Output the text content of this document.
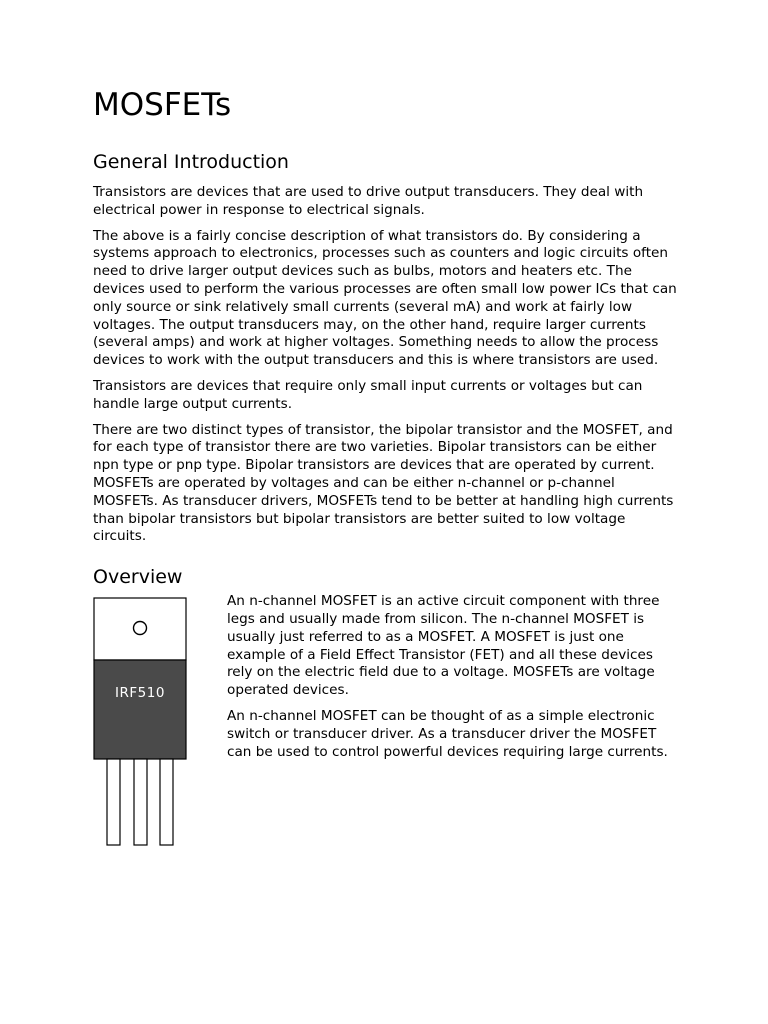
MOSFETs
General Introduction

Transistors are devices that are used to drive output transducers. They deal with electrical power in response to electrical signals.

The above is a fairly concise description of what transistors do. By considering a systems approach to electronics, processes such as counters and logic circuits often need to drive larger output devices such as bulbs, motors and heaters etc. The devices used to perform the various processes are often small low power ICs that can only source or sink relatively small currents (several mA) and work at fairly low voltages. The output transducers may, on the other hand, require larger currents (several amps) and work at higher voltages. Something needs to allow the process devices to work with the output transducers and this is where transistors are used.

Transistors are devices that require only small input currents or voltages but can handle large output currents.

There are two distinct types of transistor, the bipolar transistor and the MOSFET, and for each type of transistor there are two varieties. Bipolar transistors can be either npn type or pnp type. Bipolar transistors are devices that are operated by current. MOSFETs are operated by voltages and can be either n-channel or p-channel MOSFETs. As transducer drivers, MOSFETs tend to be better at handling high currents than bipolar transistors but bipolar transistors are better suited to low voltage circuits.

Overview
IRF510

An n-channel MOSFET is an active circuit component with three legs and usually made from silicon. The n-channel MOSFET is usually just referred to as a MOSFET. A MOSFET is just one example of a Field Effect Transistor (FET) and all these devices rely on the electric field due to a voltage. MOSFETs are voltage operated devices.

An n-channel MOSFET can be thought of as a simple electronic switch or transducer driver. As a transducer driver the MOSFET can be used to control powerful devices requiring large currents.
